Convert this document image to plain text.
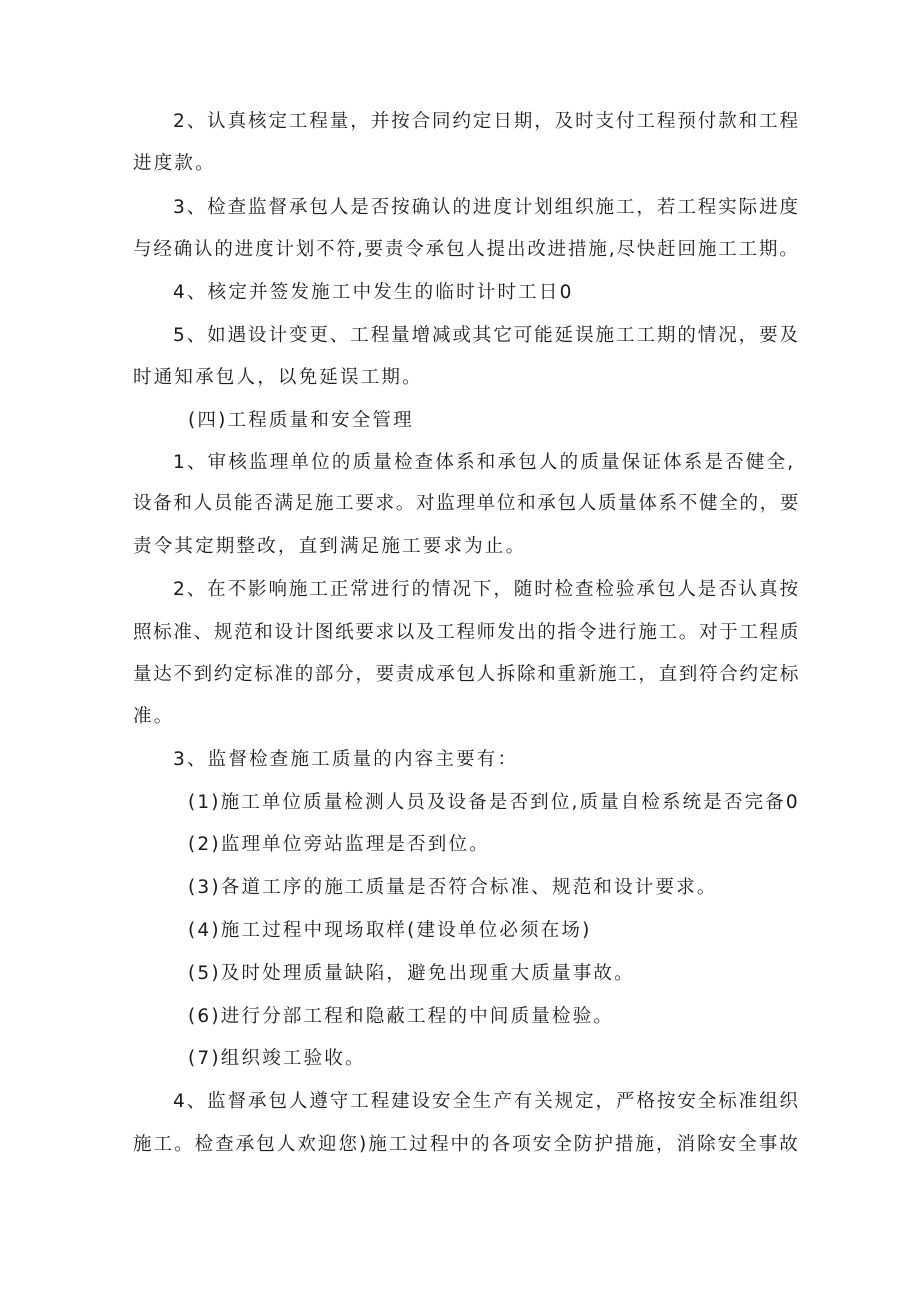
2、认真核定工程量，并按合同约定日期，及时支付工程预付款和工程
进度款。
3、检查监督承包人是否按确认的进度计划组织施工，若工程实际进度
与经确认的进度计划不符,要责令承包人提出改进措施,尽快赶回施工工期。
4、核定并签发施工中发生的临时计时工日0
5、如遇设计变更、工程量增减或其它可能延误施工工期的情况，要及
时通知承包人，以免延误工期。
(四)工程质量和安全管理
1、审核监理单位的质量检查体系和承包人的质量保证体系是否健全,
设备和人员能否满足施工要求。对监理单位和承包人质量体系不健全的，要
责令其定期整改，直到满足施工要求为止。
2、在不影响施工正常进行的情况下，随时检查检验承包人是否认真按
照标准、规范和设计图纸要求以及工程师发出的指令进行施工。对于工程质
量达不到约定标准的部分，要责成承包人拆除和重新施工，直到符合约定标
准。
3、监督检查施工质量的内容主要有：
(1)施工单位质量检测人员及设备是否到位,质量自检系统是否完备0
(2)监理单位旁站监理是否到位。
(3)各道工序的施工质量是否符合标准、规范和设计要求。
(4)施工过程中现场取样(建设单位必须在场)
(5)及时处理质量缺陷，避免出现重大质量事故。
(6)进行分部工程和隐蔽工程的中间质量检验。
(7)组织竣工验收。
4、监督承包人遵守工程建设安全生产有关规定，严格按安全标准组织
施工。检查承包人欢迎您)施工过程中的各项安全防护措施，消除安全事故
